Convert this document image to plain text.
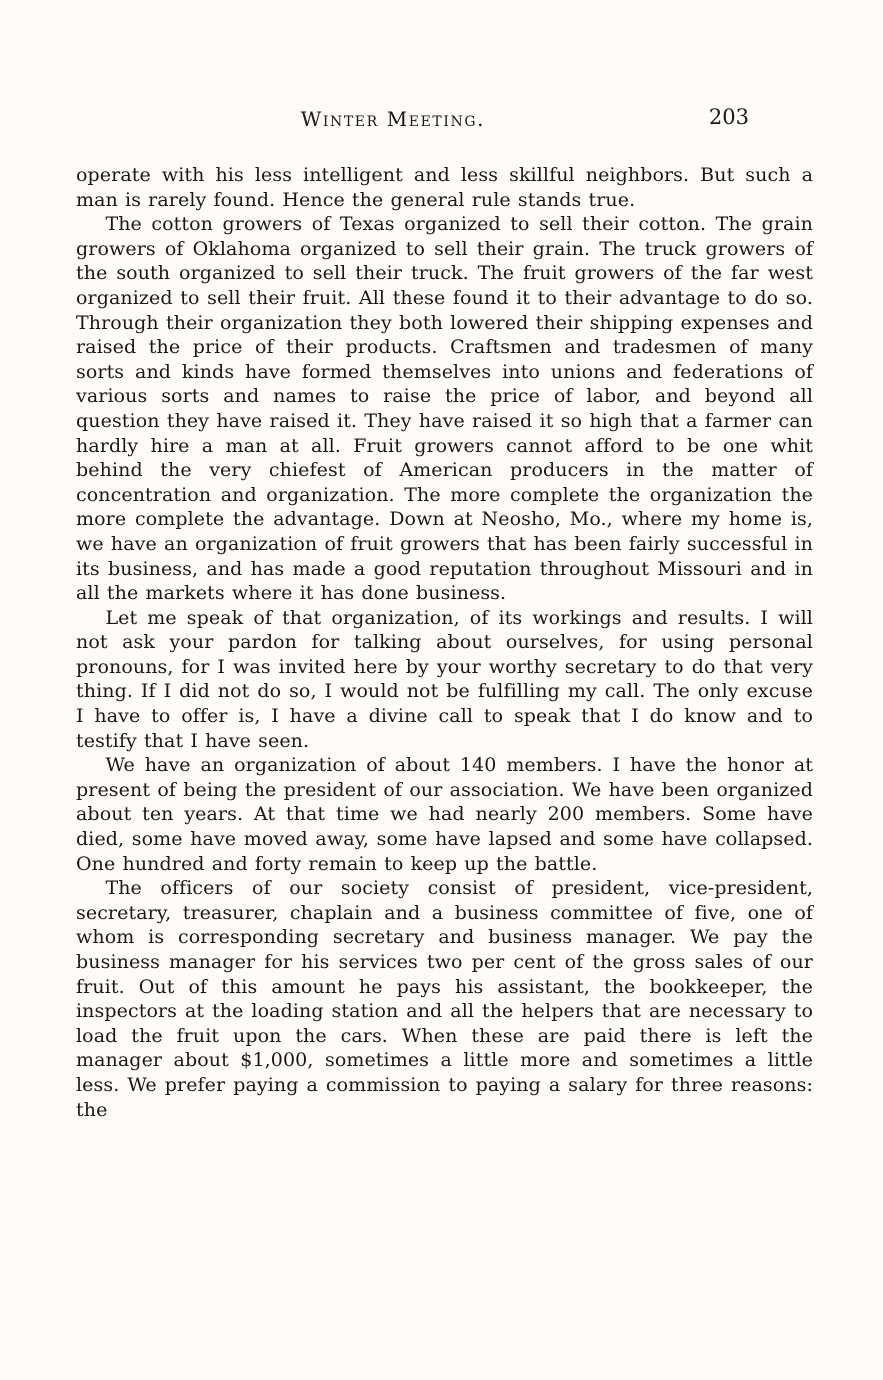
Winter Meeting.	203

operate with his less intelligent and less skillful neighbors. But such a man is rarely found. Hence the general rule stands true.

The cotton growers of Texas organized to sell their cotton. The grain growers of Oklahoma organized to sell their grain. The truck growers of the south organized to sell their truck. The fruit growers of the far west organized to sell their fruit. All these found it to their advantage to do so. Through their organization they both lowered their shipping expenses and raised the price of their products. Craftsmen and tradesmen of many sorts and kinds have formed themselves into unions and federations of various sorts and names to raise the price of labor, and beyond all question they have raised it. They have raised it so high that a farmer can hardly hire a man at all. Fruit growers cannot afford to be one whit behind the very chiefest of American producers in the matter of concentration and organization. The more complete the organization the more complete the advantage. Down at Neosho, Mo., where my home is, we have an organization of fruit growers that has been fairly successful in its business, and has made a good reputation throughout Missouri and in all the markets where it has done business.

Let me speak of that organization, of its workings and results. I will not ask your pardon for talking about ourselves, for using personal pronouns, for I was invited here by your worthy secretary to do that very thing. If I did not do so, I would not be fulfilling my call. The only excuse I have to offer is, I have a divine call to speak that I do know and to testify that I have seen.

We have an organization of about 140 members. I have the honor at present of being the president of our association. We have been organized about ten years. At that time we had nearly 200 members. Some have died, some have moved away, some have lapsed and some have collapsed. One hundred and forty remain to keep up the battle.

The officers of our society consist of president, vice-president, secretary, treasurer, chaplain and a business committee of five, one of whom is corresponding secretary and business manager. We pay the business manager for his services two per cent of the gross sales of our fruit. Out of this amount he pays his assistant, the bookkeeper, the inspectors at the loading station and all the helpers that are necessary to load the fruit upon the cars. When these are paid there is left the manager about $1,000, sometimes a little more and sometimes a little less. We prefer paying a commission to paying a salary for three reasons: the
